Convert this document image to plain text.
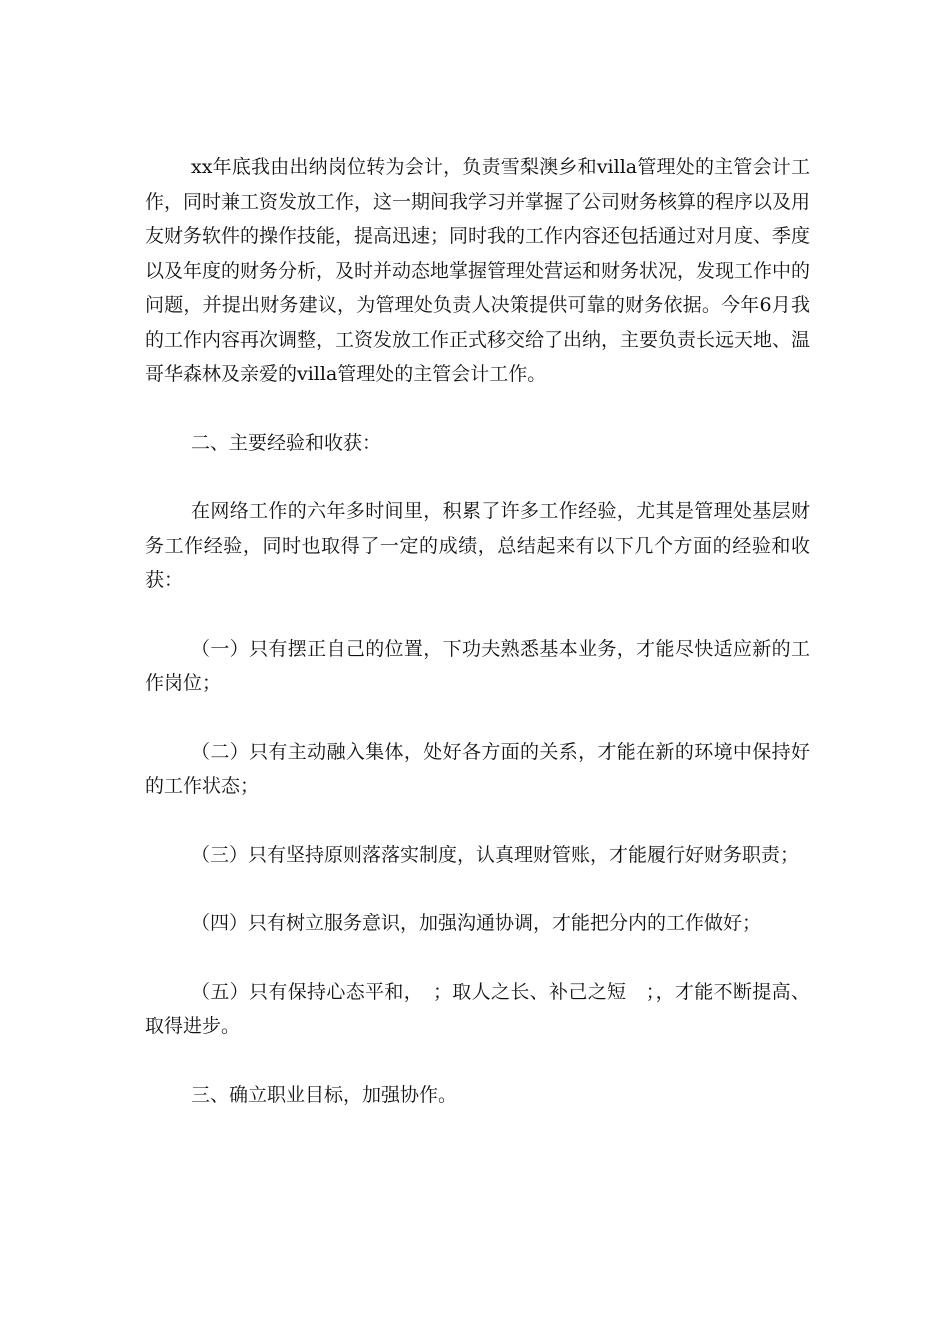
xx年底我由出纳岗位转为会计，负责雪梨澳乡和villa管理处的主管会计工作，同时兼工资发放工作，这一期间我学习并掌握了公司财务核算的程序以及用友财务软件的操作技能，提高迅速；同时我的工作内容还包括通过对月度、季度以及年度的财务分析，及时并动态地掌握管理处营运和财务状况，发现工作中的问题，并提出财务建议，为管理处负责人决策提供可靠的财务依据。今年6月我的工作内容再次调整，工资发放工作正式移交给了出纳，主要负责长远天地、温哥华森林及亲爱的villa管理处的主管会计工作。

二、主要经验和收获：

在网络工作的六年多时间里，积累了许多工作经验，尤其是管理处基层财务工作经验，同时也取得了一定的成绩，总结起来有以下几个方面的经验和收获：

（一）只有摆正自己的位置，下功夫熟悉基本业务，才能尽快适应新的工作岗位；

（二）只有主动融入集体，处好各方面的关系，才能在新的环境中保持好的工作状态；

（三）只有坚持原则落落实制度，认真理财管账，才能履行好财务职责；

（四）只有树立服务意识，加强沟通协调，才能把分内的工作做好；

（五）只有保持心态平和，　；取人之长、补己之短　；，才能不断提高、取得进步。

三、确立职业目标，加强协作。
